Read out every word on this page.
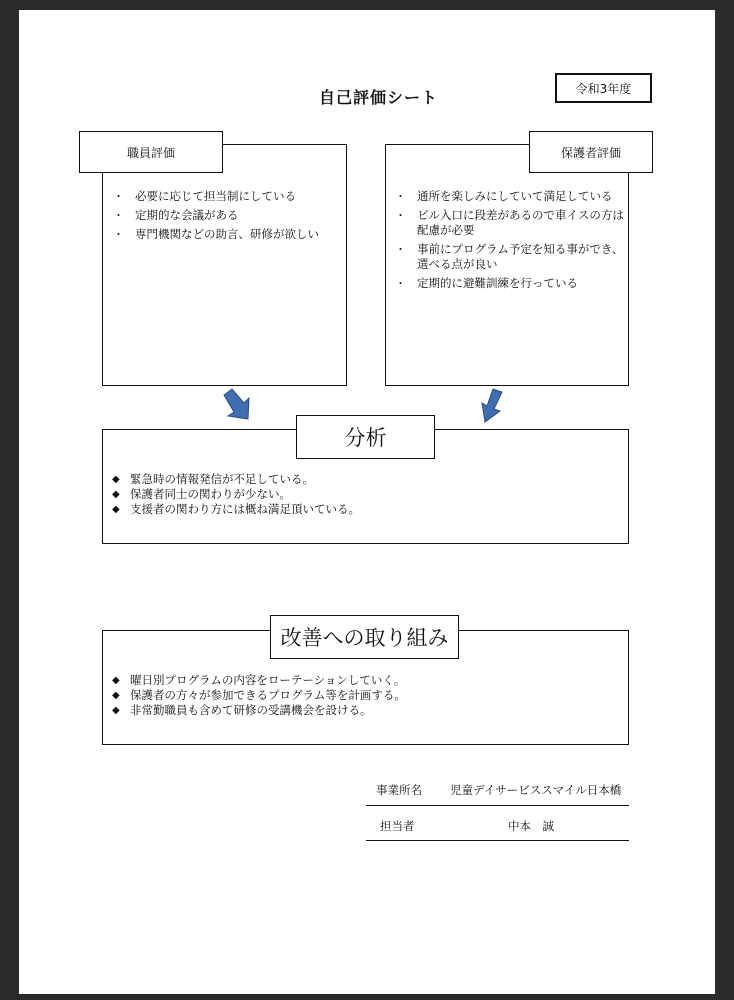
自己評価シート	令和3年度
・ 必要に応じて担当制にしている
・ 定期的な会議がある
・ 専門機関などの助言、研修が欲しい
職員評価
・ 通所を楽しみにしていて満足している
・ ビル入口に段差があるので車イスの方は配慮が必要
・ 事前にプログラム予定を知る事ができ、選べる点が良い
・ 定期的に避難訓練を行っている
保護者評価
◆ 緊急時の情報発信が不足している。
◆ 保護者同士の関わりが少ない。
◆ 支援者の関わり方には概ね満足頂いている。
分析
◆ 曜日別プログラムの内容をローテーションしていく。
◆ 保護者の方々が参加できるプログラム等を計画する。
◆ 非常勤職員も含めて研修の受講機会を設ける。
改善への取り組み
事業所名 児童デイサービススマイル日本橋
担当者	中本　誠
